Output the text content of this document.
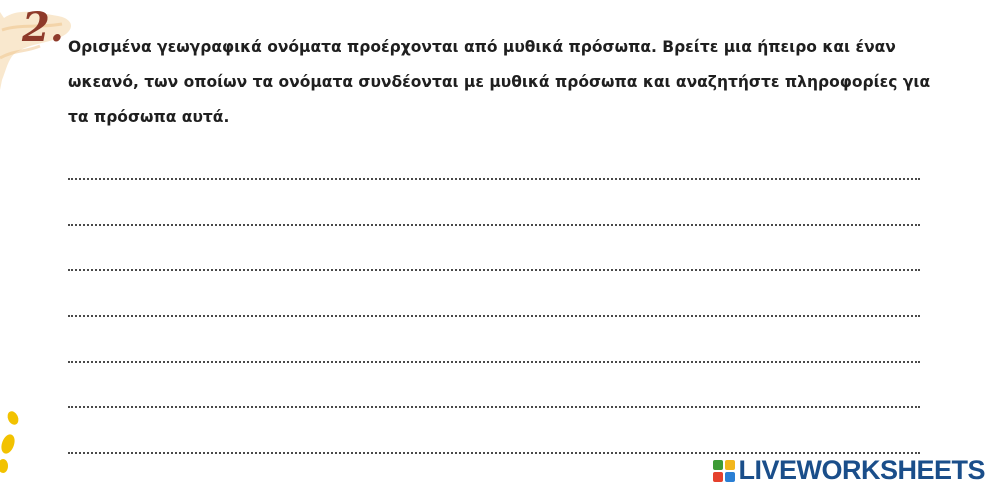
2. Ορισμένα γεωγραφικά ονόματα προέρχονται από μυθικά πρόσωπα. Βρείτε μια ήπειρο και έναν ωκεανό, των οποίων τα ονόματα συνδέονται με μυθικά πρόσωπα και αναζητήστε πληροφορίες για τα πρόσωπα αυτά.

LIVEWORKSHEETS
